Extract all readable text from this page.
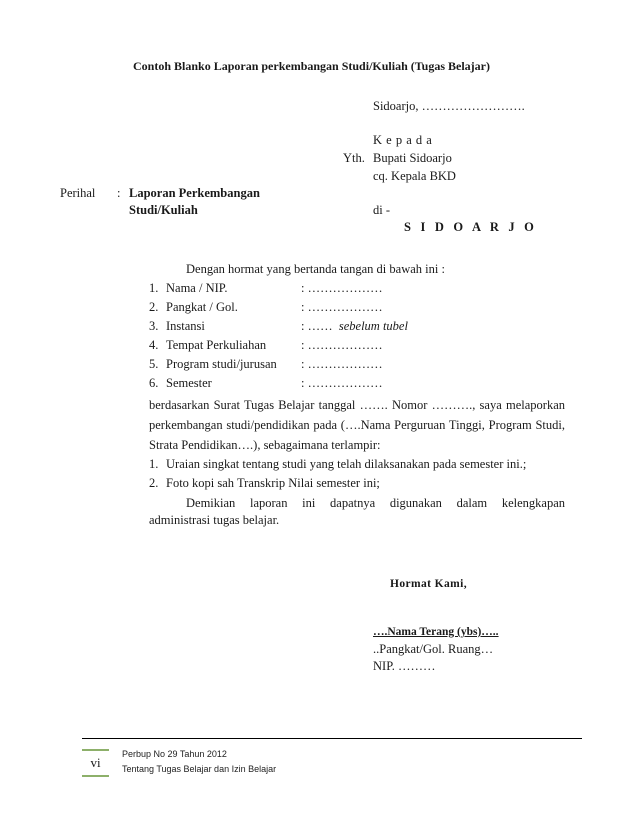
Contoh Blanko Laporan perkembangan Studi/Kuliah (Tugas Belajar)
Sidoarjo, …………………….
K e p a d a
Yth. Bupati Sidoarjo
cq. Kepala BKD
Perihal : Laporan Perkembangan
Studi/Kuliah	di -
S I D O A R J O
Dengan hormat yang bertanda tangan di bawah ini :
1. Nama / NIP.	: ………………
2. Pangkat / Gol.	: ………………
3. Instansi	: …… sebelum tubel
4. Tempat Perkuliahan	: ………………
5. Program studi/jurusan : ………………
6. Semester	: ………………
berdasarkan Surat Tugas Belajar tanggal ……. Nomor ………., saya melaporkan
perkembangan studi/pendidikan pada (….Nama Perguruan Tinggi, Program Studi,
Strata Pendidikan….), sebagaimana terlampir:
1. Uraian singkat tentang studi yang telah dilaksanakan pada semester ini.;
2. Foto kopi sah Transkrip Nilai semester ini;
Demikian laporan ini dapatnya digunakan dalam kelengkapan
administrasi tugas belajar.
Hormat Kami,
….Nama Terang (ybs)…..
..Pangkat/Gol. Ruang…
NIP. ………
vi
Perbup No 29 Tahun 2012
Tentang Tugas Belajar dan Izin Belajar
